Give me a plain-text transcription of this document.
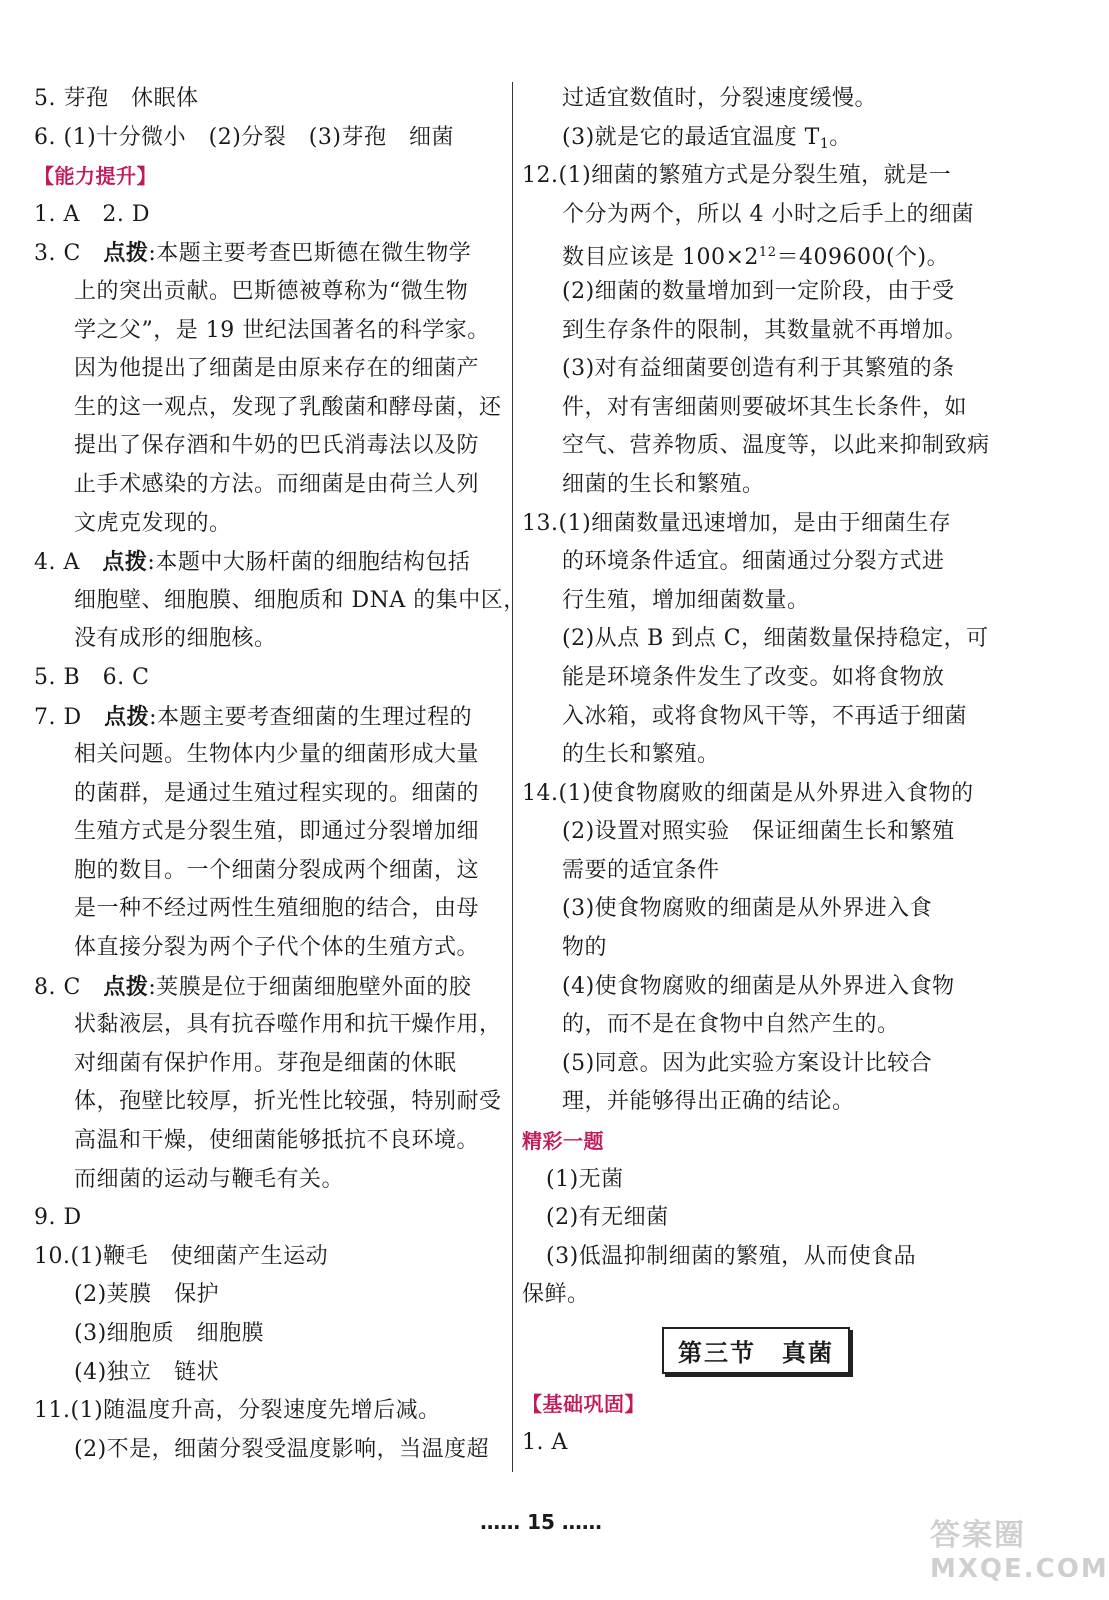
5. 芽孢　休眠体
6. (1)十分微小　(2)分裂　(3)芽孢　细菌
【能力提升】
1. A　2. D
3. C　 点拨:本题主要考查巴斯德在微生物学
上的突出贡献。巴斯德被尊称为“微生物
学之父”，是 19 世纪法国著名的科学家。
因为他提出了细菌是由原来存在的细菌产
生的这一观点，发现了乳酸菌和酵母菌，还
提出了保存酒和牛奶的巴氏消毒法以及防
止手术感染的方法。而细菌是由荷兰人列
文虎克发现的。
4. A　 点拨:本题中大肠杆菌的细胞结构包括
细胞壁、细胞膜、细胞质和 DNA 的集中区，
没有成形的细胞核。
5. B　6. C
7. D　 点拨:本题主要考查细菌的生理过程的
相关问题。生物体内少量的细菌形成大量
的菌群，是通过生殖过程实现的。细菌的
生殖方式是分裂生殖，即通过分裂增加细
胞的数目。一个细菌分裂成两个细菌，这
是一种不经过两性生殖细胞的结合，由母
体直接分裂为两个子代个体的生殖方式。
8. C　 点拨:荚膜是位于细菌细胞壁外面的胶
状黏液层，具有抗吞噬作用和抗干燥作用，
对细菌有保护作用。芽孢是细菌的休眠
体，孢壁比较厚，折光性比较强，特别耐受
高温和干燥，使细菌能够抵抗不良环境。
而细菌的运动与鞭毛有关。
9. D
10.(1)鞭毛　使细菌产生运动
(2)荚膜　保护
(3)细胞质　细胞膜
(4)独立　链状
11.(1)随温度升高，分裂速度先增后减。
(2)不是，细菌分裂受温度影响，当温度超
过适宜数值时，分裂速度缓慢。
(3)就是它的最适宜温度 $T_1$。
12.(1)细菌的繁殖方式是分裂生殖，就是一
个分为两个，所以 4 小时之后手上的细菌
数目应该是 $100\times 2^{12}=409600$(个)。
(2)细菌的数量增加到一定阶段，由于受
到生存条件的限制，其数量就不再增加。
(3)对有益细菌要创造有利于其繁殖的条
件，对有害细菌则要破坏其生长条件，如
空气、营养物质、温度等，以此来抑制致病
细菌的生长和繁殖。
13.(1)细菌数量迅速增加，是由于细菌生存
的环境条件适宜。细菌通过分裂方式进
行生殖，增加细菌数量。
(2)从点 B 到点 C，细菌数量保持稳定，可
能是环境条件发生了改变。如将食物放
入冰箱，或将食物风干等，不再适于细菌
的生长和繁殖。
14.(1)使食物腐败的细菌是从外界进入食物的
(2)设置对照实验　保证细菌生长和繁殖
需要的适宜条件
(3)使食物腐败的细菌是从外界进入食
物的
(4)使食物腐败的细菌是从外界进入食物
的，而不是在食物中自然产生的。
(5)同意。因为此实验方案设计比较合
理，并能够得出正确的结论。
精彩一题
(1)无菌
(2)有无细菌
(3)低温抑制细菌的繁殖，从而使食品
保鲜。
第三节　真菌
【基础巩固】
1. A
…… 15 ……	答案圈
MXQE.COM
